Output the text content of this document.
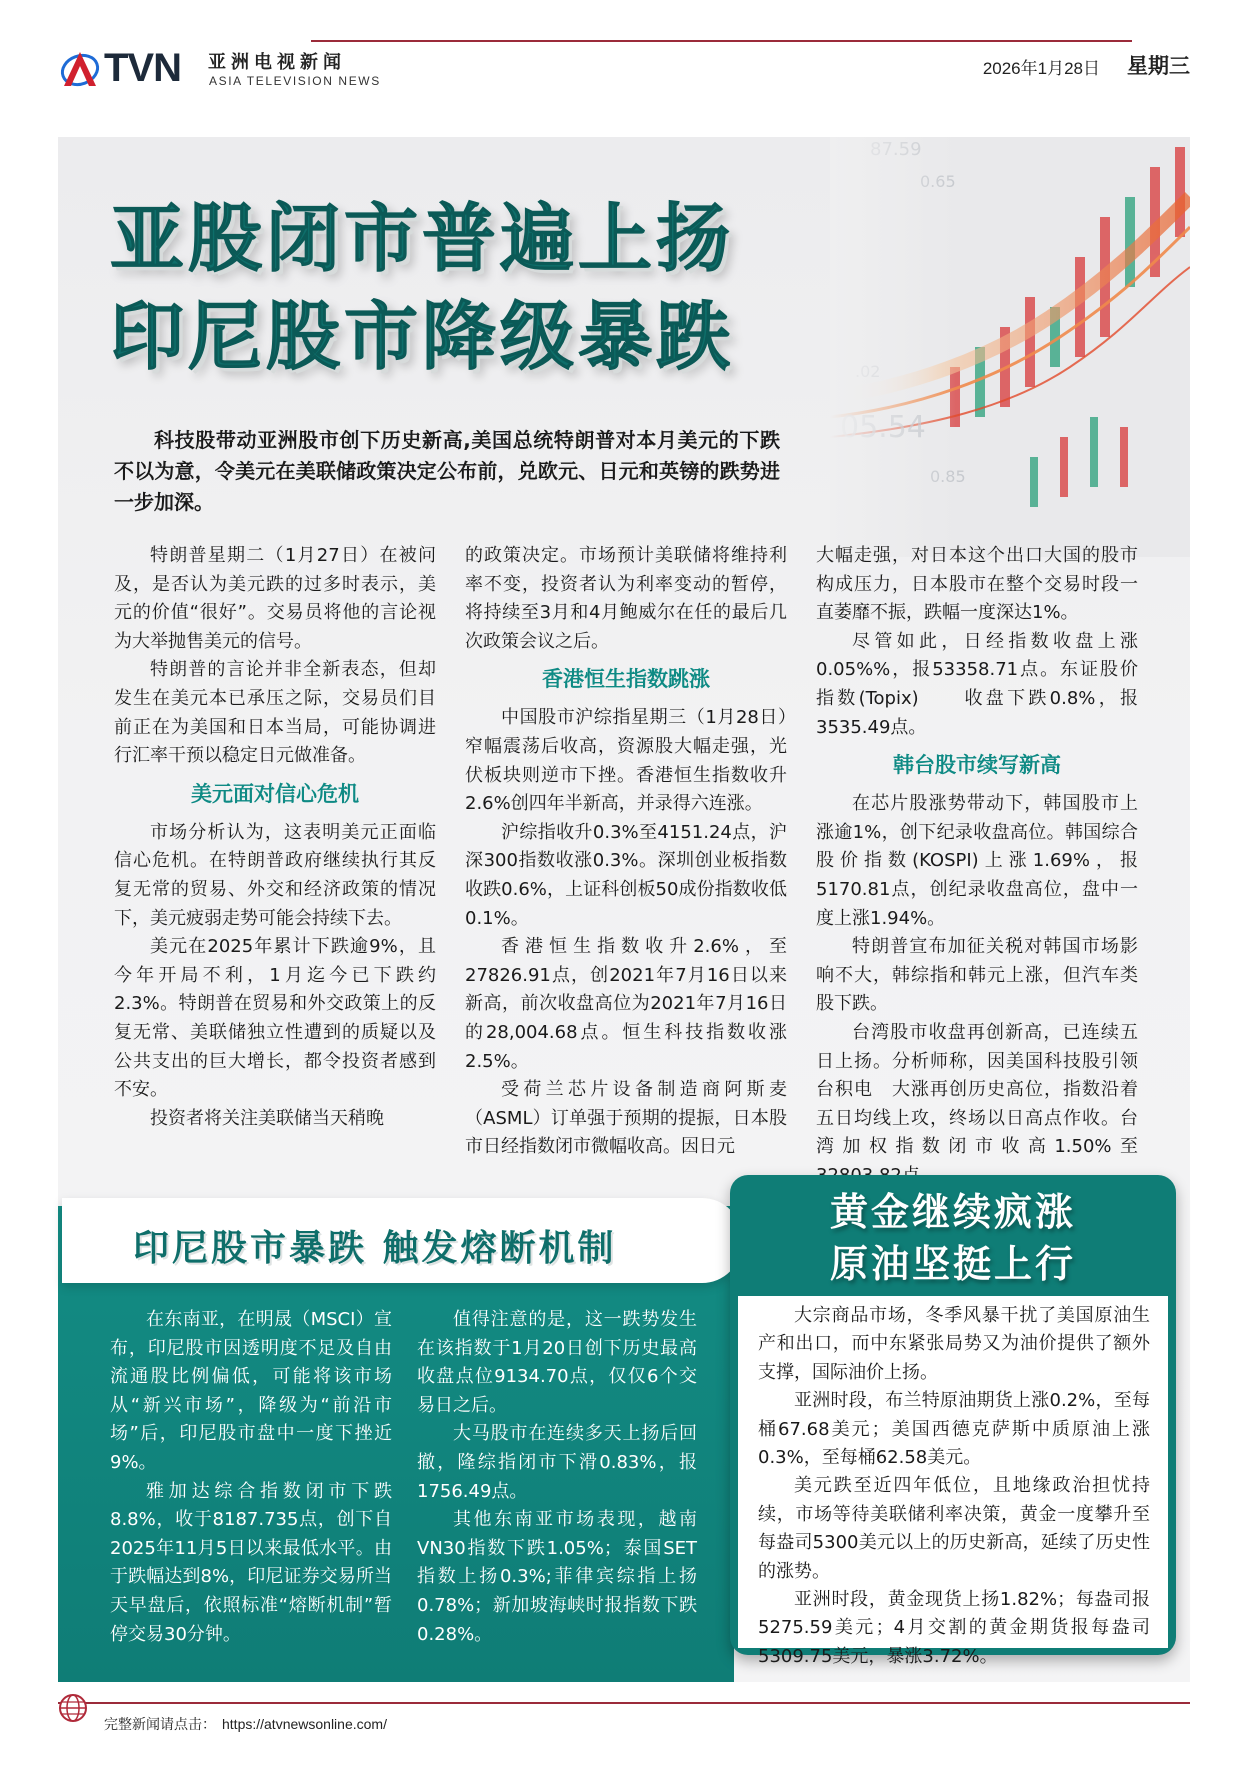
TVN 亚洲电视新闻
ASIA TELEVISION NEWS
2026年1月28日 星期三
亚股闭市普遍上扬
印尼股市降级暴跌
科技股带动亚洲股市创下历史新高,美国总统特朗普对本月美元的下跌不以为意，令美元在美联储政策决定公布前，兑欧元、日元和英镑的跌势进一步加深。

特朗普星期二（1月27日）在被问及，是否认为美元跌的过多时表示，美元的价值“很好”。交易员将他的言论视为大举抛售美元的信号。

特朗普的言论并非全新表态，但却发生在美元本已承压之际，交易员们目前正在为美国和日本当局，可能协调进行汇率干预以稳定日元做准备。

美元面对信心危机

市场分析认为，这表明美元正面临信心危机。在特朗普政府继续执行其反复无常的贸易、外交和经济政策的情况下，美元疲弱走势可能会持续下去。

美元在2025年累计下跌逾9%，且今年开局不利，1月迄今已下跌约2.3%。特朗普在贸易和外交政策上的反复无常、美联储独立性遭到的质疑以及公共支出的巨大增长，都令投资者感到不安。

投资者将关注美联储当天稍晚

的政策决定。市场预计美联储将维持利率不变，投资者认为利率变动的暂停，将持续至3月和4月鲍威尔在任的最后几次政策会议之后。

香港恒生指数跳涨

中国股市沪综指星期三（1月28日）窄幅震荡后收高，资源股大幅走强，光伏板块则逆市下挫。香港恒生指数收升2.6%创四年半新高，并录得六连涨。

沪综指收升0.3%至4151.24点，沪深300指数收涨0.3%。深圳创业板指数收跌0.6%，上证科创板50成份指数收低0.1%。

香港恒生指数收升2.6%，至27826.91点，创2021年7月16日以来新高，前次收盘高位为2021年7月16日的28,004.68点。恒生科技指数收涨2.5%。

受荷兰芯片设备制造商阿斯麦（ASML）订单强于预期的提振，日本股市日经指数闭市微幅收高。因日元

大幅走强，对日本这个出口大国的股市构成压力，日本股市在整个交易时段一直萎靡不振，跌幅一度深达1%。

尽管如此，日经指数收盘上涨0.05%%，报53358.71点。东证股价指数(Topix)　　收盘下跌0.8%，报3535.49点。

韩台股市续写新高

在芯片股涨势带动下，韩国股市上涨逾1%，创下纪录收盘高位。韩国综合股价指数(KOSPI)上涨1.69%，报5170.81点，创纪录收盘高位，盘中一度上涨1.94%。

特朗普宣布加征关税对韩国市场影响不大，韩综指和韩元上涨，但汽车类股下跌。

台湾股市收盘再创新高，已连续五日上扬。分析师称，因美国科技股引领台积电　大涨再创历史高位，指数沿着五日均线上攻，终场以日高点作收。台湾加权指数闭市收高1.50%至

印尼股市暴跌 触发熔断机制

在东南亚，在明晟（MSCI）宣布，印尼股市因透明度不足及自由流通股比例偏低，可能将该市场从“新兴市场”，降级为“前沿市场”后，印尼股市盘中一度下挫近9%。

雅加达综合指数闭市下跌8.8%，收于8187.735点，创下自2025年11月5日以来最低水平。由于跌幅达到8%，印尼证券交易所当天早盘后，依照标准“熔断机制”暂停交易30分钟。

值得注意的是，这一跌势发生在该指数于1月20日创下历史最高收盘点位9134.70点，仅仅6个交易日之后。

大马股市在连续多天上扬后回撤，隆综指闭市下滑0.83%，报1756.49点。

其他东南亚市场表现，越南VN30指数下跌1.05%；泰国SET指数上扬0.3%;菲律宾综指上扬0.78%；新加坡海峡时报指数下跌0.28%。

黄金继续疯涨
原油坚挺上行

大宗商品市场，冬季风暴干扰了美国原油生产和出口，而中东紧张局势又为油价提供了额外支撑，国际油价上扬。

亚洲时段，布兰特原油期货上涨0.2%，至每桶67.68美元；美国西德克萨斯中质原油上涨0.3%，至每桶62.58美元。

美元跌至近四年低位，且地缘政治担忧持续，市场等待美联储利率决策，黄金一度攀升至每盎司5300美元以上的历史新高，延续了历史性的涨势。

亚洲时段，黄金现货上扬1.82%；每盎司报5275.59美元；4月交割的黄金期货报每盎司5309.75美元，暴涨3.72%。

完整新闻请点击： https://atvnewsonline.com/
